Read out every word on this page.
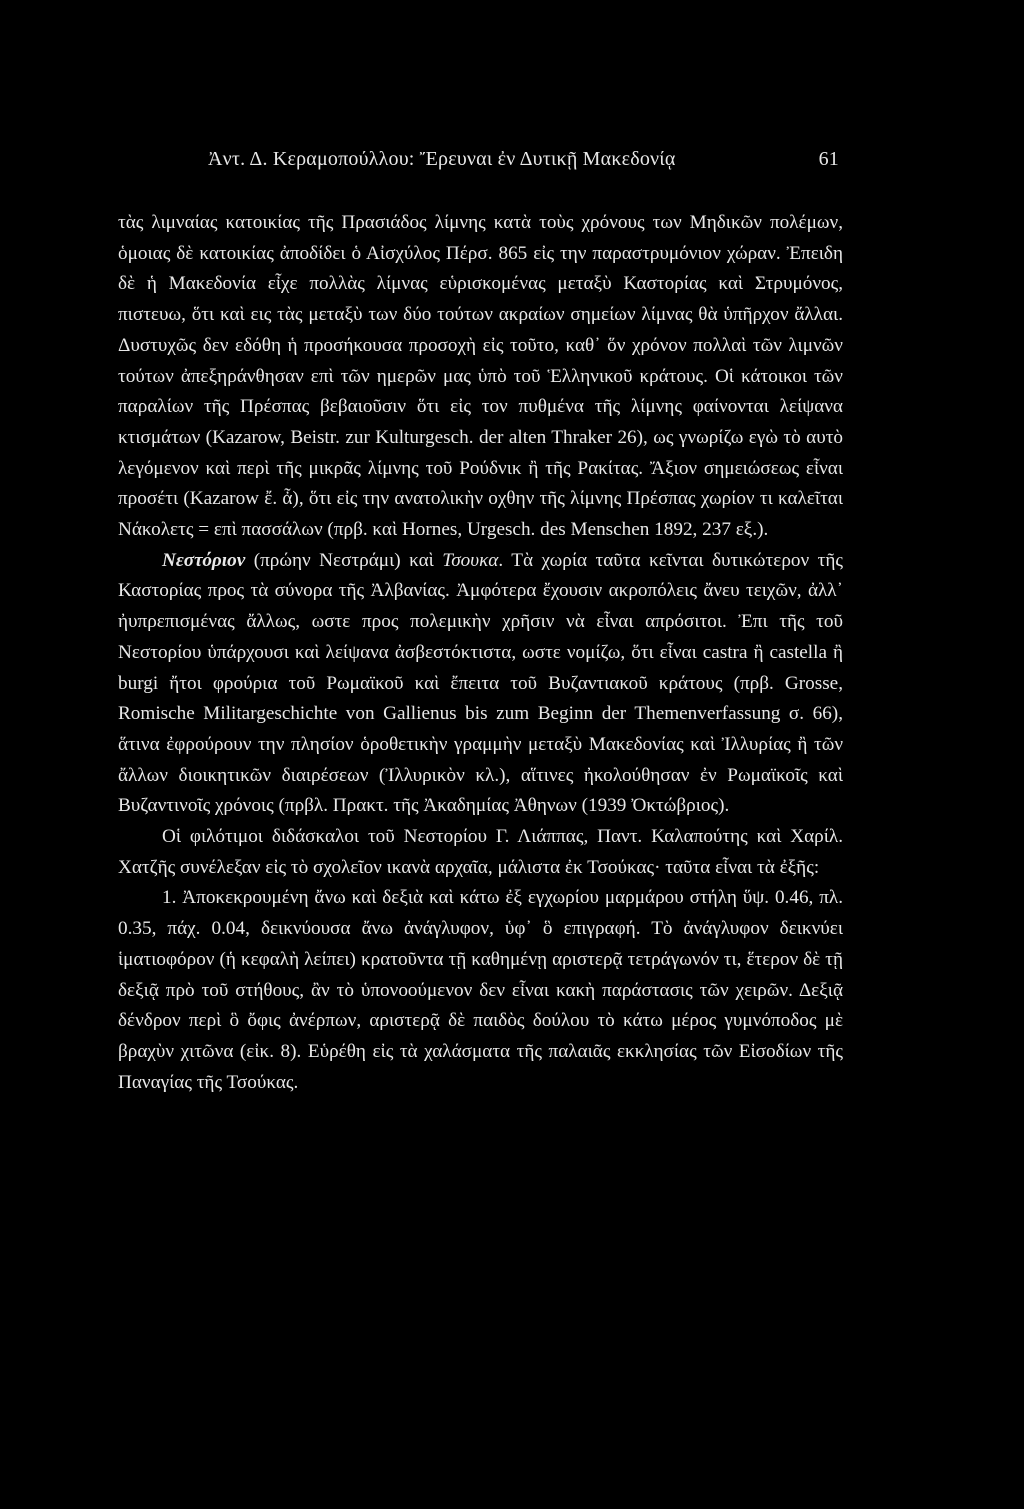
Ἀντ. Δ. Κεραμοπούλλου: Ἔρευναι ἐν Δυτικῇ Μακεδονίᾳ	61

τὰς λιμναίας κατοικίας τῆς Πρασιάδος λίμνης κατὰ τοὺς χρόνους των Μηδικῶν πολέμων, ὁμοιας δὲ κατοικίας ἀποδίδει ὁ Αἰσχύλος Πέρσ. 865 εἰς την παραστρυμόνιον χώραν. Ἐπειδη δὲ ἡ Μακεδονία εἶχε πολλὰς λίμνας εὑρισκομένας μεταξὺ Καστορίας καὶ Στρυμόνος, πιστευω, ὅτι καὶ εις τὰς μεταξὺ των δύο τούτων ακραίων σημείων λίμνας θὰ ὑπῆρχον ἄλλαι. Δυστυχῶς δεν εδόθη ἡ προσήκουσα προσοχὴ εἰς τοῦτο, καθ᾽ ὅν χρόνον πολλαὶ τῶν λιμνῶν τούτων ἀπεξηράνθησαν επὶ τῶν ημερῶν μας ὑπὸ τοῦ Ἑλληνικοῦ κράτους. Οἱ κάτοικοι τῶν παραλίων τῆς Πρέσπας βεβαιοῦσιν ὅτι εἰς τον πυθμένα τῆς λίμνης φαίνονται λείψανα κτισμάτων (Kazarow, Beistr. zur Kulturgesch. der alten Thraker 26), ως γνωρίζω εγὼ τὸ αυτὸ λεγόμενον καὶ περὶ τῆς μικρᾶς λίμνης τοῦ Ρούδνικ ἢ τῆς Ρακίτας. Ἄξιον σημειώσεως εἶναι προσέτι (Kazarow ἔ. ἆ), ὅτι εἰς την ανατολικὴν οχθην τῆς λίμνης Πρέσπας χωρίον τι καλεῖται Νάκολετς = επὶ πασσάλων (πρβ. καὶ Hornes, Urgesch. des Menschen 1892, 237 εξ.).

Νεστόριον (πρώην Νεστράμι) καὶ Τσουκα. Τὰ χωρία ταῦτα κεῖνται δυτικώτερον τῆς Καστορίας προς τὰ σύνορα τῆς Ἀλβανίας. Ἀμφότερα ἔχουσιν ακροπόλεις ἄνευ τειχῶν, ἀλλ᾽ ἠυπρεπισμένας ἄλλως, ωστε προς πολεμικὴν χρῆσιν νὰ εἶναι απρόσιτοι. Ἐπι τῆς τοῦ Νεστορίου ὑπάρχουσι καὶ λείψανα ἀσβεστόκτιστα, ωστε νομίζω, ὅτι εἶναι castra ἢ castella ἢ burgi ἤτοι φρούρια τοῦ Ρωμαϊκοῦ καὶ ἔπειτα τοῦ Βυζαντιακοῦ κράτους (πρβ. Grosse, Romische Militargeschichte von Gallienus bis zum Beginn der Themenverfassung σ. 66), ἅτινα ἐφρούρουν την πλησίον ὁροθετικὴν γραμμὴν μεταξὺ Μακεδονίας καὶ Ἰλλυρίας ἢ τῶν ἄλλων διοικητικῶν διαιρέσεων (Ἰλλυρικὸν κλ.), αἵτινες ἠκολούθησαν ἐν Ρωμαϊκοῖς καὶ Βυζαντινοῖς χρόνοις (πρβλ. Πρακτ. τῆς Ἀκαδημίας Ἀθηνων (1939 Ὀκτώβριος).

Οἱ φιλότιμοι διδάσκαλοι τοῦ Νεστορίου Γ. Λιάππας, Παντ. Καλαπούτης καὶ Χαρίλ. Χατζῆς συνέλεξαν εἰς τὸ σχολεῖον ικανὰ αρχαῖα, μάλιστα ἐκ Τσούκας· ταῦτα εἶναι τὰ ἐξῆς:

1. Ἀποκεκρουμένη ἄνω καὶ δεξιὰ καὶ κάτω ἐξ εγχωρίου μαρμάρου στήλη ὕψ. 0.46, πλ. 0.35, πάχ. 0.04, δεικνύουσα ἄνω ἀνάγλυφον, ὑφ᾽ ὃ επιγραφή. Τὸ ἀνάγλυφον δεικνύει ἱματιοφόρον (ἡ κεφαλὴ λείπει) κρατοῦντα τῇ καθημένῃ αριστερᾷ τετράγωνόν τι, ἕτερον δὲ τῇ δεξιᾷ πρὸ τοῦ στήθους, ἂν τὸ ὑπονοούμενον δεν εἶναι κακὴ παράστασις τῶν χειρῶν. Δεξιᾷ δένδρον περὶ ὃ ὄφις ἀνέρπων, αριστερᾷ δὲ παιδὸς δούλου τὸ κάτω μέρος γυμνόποδος μὲ βραχὺν χιτῶνα (εἰκ. 8). Εὑρέθη εἰς τὰ χαλάσματα τῆς παλαιᾶς εκκλησίας τῶν Εἰσοδίων τῆς Παναγίας τῆς Τσούκας.
